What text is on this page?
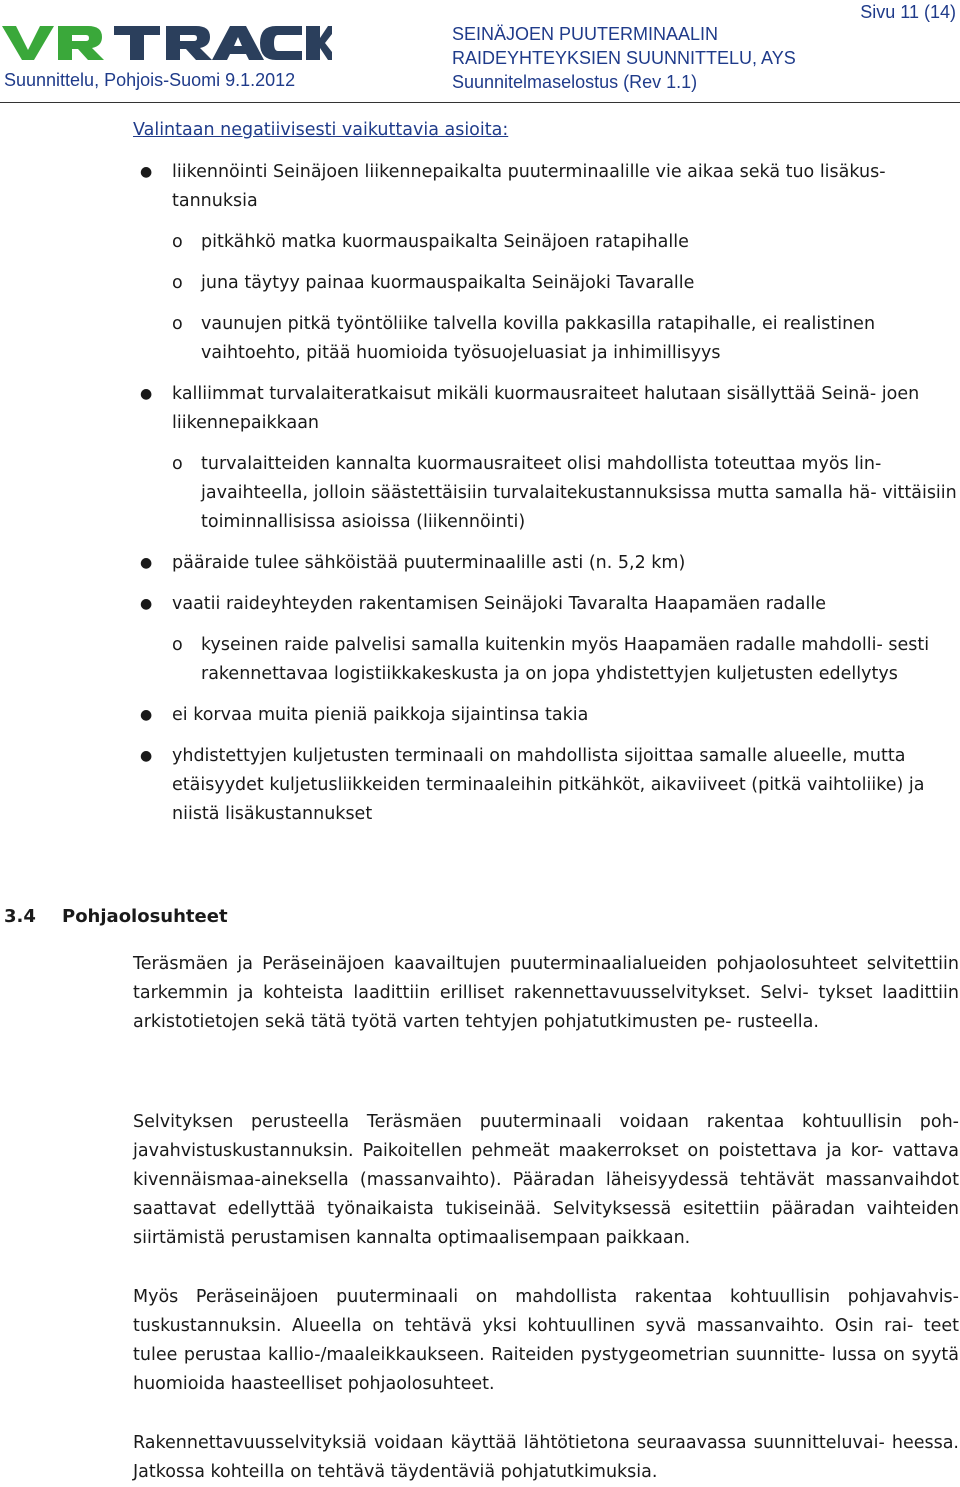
Suunnittelu, Pohjois-Suomi 9.1.2012
SEINÄJOEN PUUTERMINAALIN
RAIDEYHTEYKSIEN SUUNNITTELU, AYS
Suunnitelmaselostus (Rev 1.1)
Sivu 11 (14)
Valintaan negatiivisesti vaikuttavia asioita:
● liikennöinti Seinäjoen liikennepaikalta puuterminaalille vie aikaa sekä tuo lisäkus- tannuksia
o pitkähkö matka kuormauspaikalta Seinäjoen ratapihalle
o juna täytyy painaa kuormauspaikalta Seinäjoki Tavaralle
o vaunujen pitkä työntöliike talvella kovilla pakkasilla ratapihalle, ei realistinen vaihtoehto, pitää huomioida työsuojeluasiat ja inhimillisyys
● kalliimmat turvalaiteratkaisut mikäli kuormausraiteet halutaan sisällyttää Seinä- joen liikennepaikkaan
o turvalaitteiden kannalta kuormausraiteet olisi mahdollista toteuttaa myös lin- javaihteella, jolloin säästettäisiin turvalaitekustannuksissa mutta samalla hä- vittäisiin toiminnallisissa asioissa (liikennöinti)
● pääraide tulee sähköistää puuterminaalille asti (n. 5,2 km)
● vaatii raideyhteyden rakentamisen Seinäjoki Tavaralta Haapamäen radalle
o kyseinen raide palvelisi samalla kuitenkin myös Haapamäen radalle mahdolli- sesti rakennettavaa logistiikkakeskusta ja on jopa yhdistettyjen kuljetusten edellytys
● ei korvaa muita pieniä paikkoja sijaintinsa takia
● yhdistettyjen kuljetusten terminaali on mahdollista sijoittaa samalle alueelle, mutta etäisyydet kuljetusliikkeiden terminaaleihin pitkähköt, aikaviiveet (pitkä vaihtoliike) ja niistä lisäkustannukset
3.4 Pohjaolosuhteet

Teräsmäen ja Peräseinäjoen kaavailtujen puuterminaalialueiden pohjaolosuhteet selvitettiin tarkemmin ja kohteista laadittiin erilliset rakennettavuusselvitykset. Selvi- tykset laadittiin arkistotietojen sekä tätä työtä varten tehtyjen pohjatutkimusten pe- rusteella.

Selvityksen perusteella Teräsmäen puuterminaali voidaan rakentaa kohtuullisin poh- javahvistuskustannuksin. Paikoitellen pehmeät maakerrokset on poistettava ja kor- vattava kivennäismaa-aineksella (massanvaihto). Pääradan läheisyydessä tehtävät massanvaihdot saattavat edellyttää työnaikaista tukiseinää. Selvityksessä esitettiin pääradan vaihteiden siirtämistä perustamisen kannalta optimaalisempaan paikkaan.

Myös Peräseinäjoen puuterminaali on mahdollista rakentaa kohtuullisin pohjavahvis- tuskustannuksin. Alueella on tehtävä yksi kohtuullinen syvä massanvaihto. Osin rai- teet tulee perustaa kallio-/maaleikkaukseen. Raiteiden pystygeometrian suunnitte- lussa on syytä huomioida haasteelliset pohjaolosuhteet.

Rakennettavuusselvityksiä voidaan käyttää lähtötietona seuraavassa suunnitteluvai- heessa. Jatkossa kohteilla on tehtävä täydentäviä pohjatutkimuksia.
